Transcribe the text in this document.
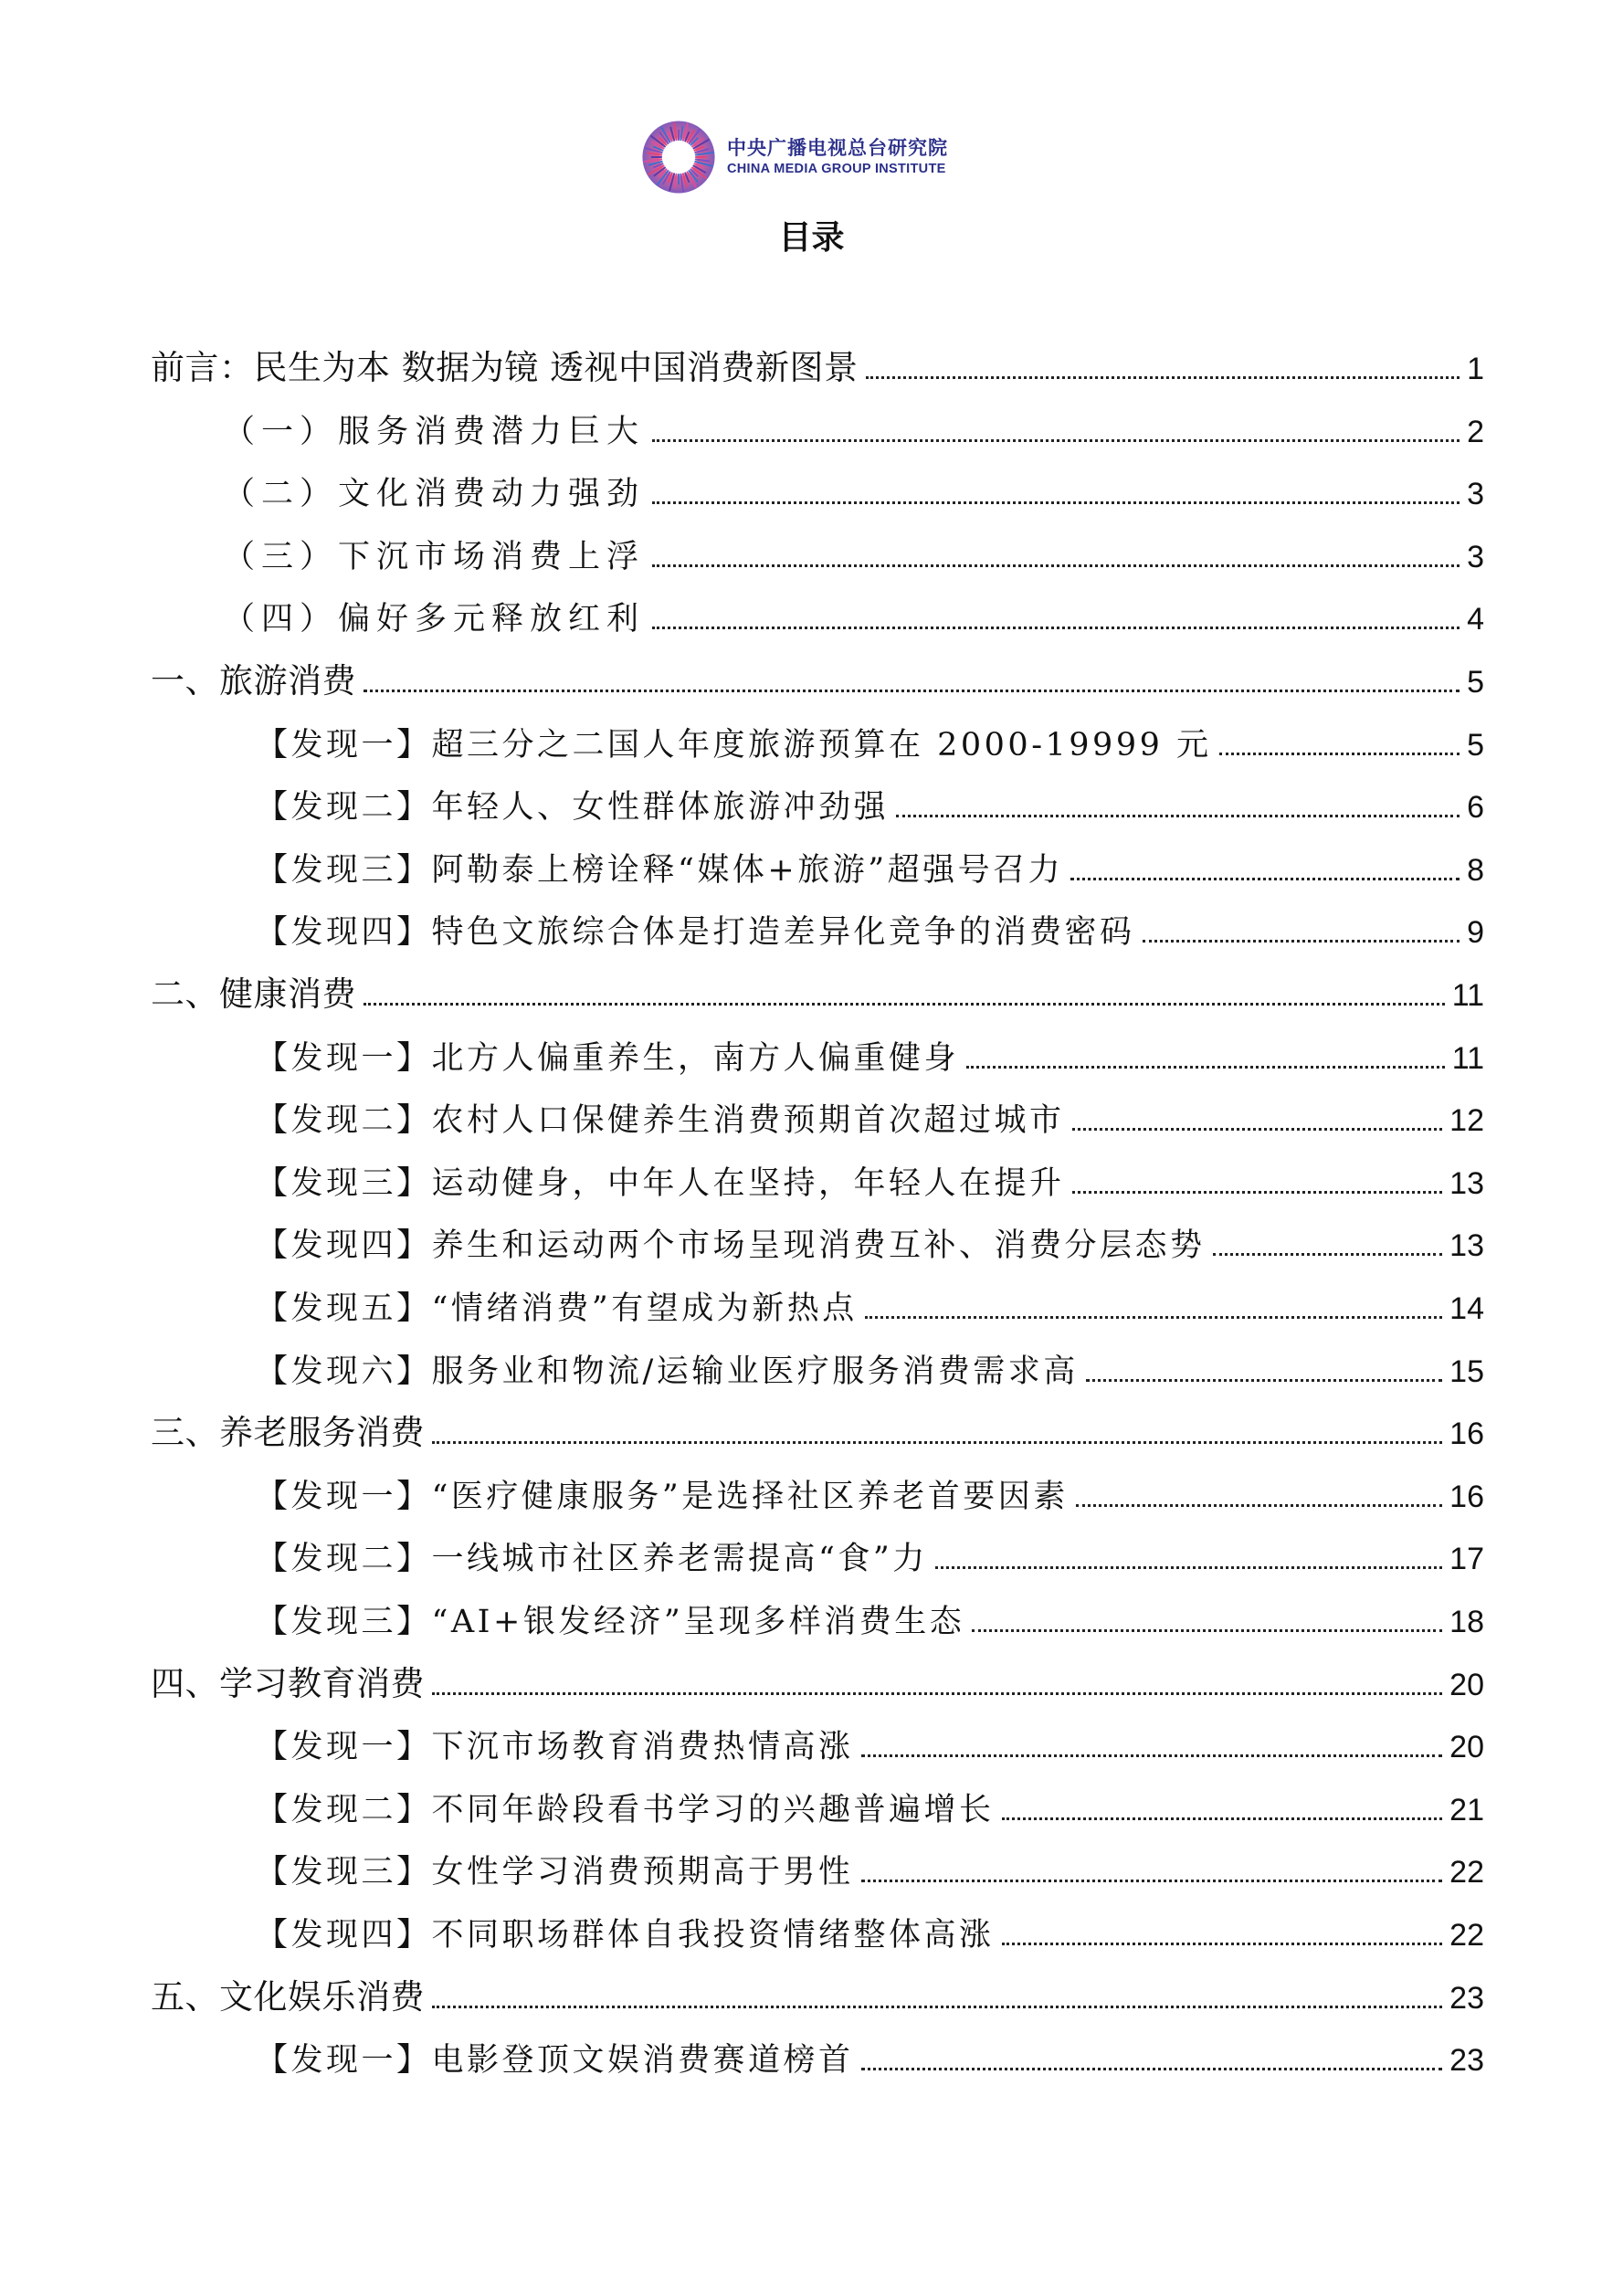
中央广播电视总台研究院
CHINA MEDIA GROUP INSTITUTE
目录
前言：民生为本 数据为镜 透视中国消费新图景	1
（一）服务消费潜力巨大	2
（二）文化消费动力强劲	3
（三）下沉市场消费上浮	3
（四）偏好多元释放红利	4
一、旅游消费	5
【发现一】超三分之二国人年度旅游预算在 2000-19999 元	5
【发现二】年轻人、女性群体旅游冲劲强	6
【发现三】阿勒泰上榜诠释“媒体+旅游”超强号召力	8
【发现四】特色文旅综合体是打造差异化竞争的消费密码	9
二、健康消费	11
【发现一】北方人偏重养生，南方人偏重健身	11
【发现二】农村人口保健养生消费预期首次超过城市	12
【发现三】运动健身，中年人在坚持，年轻人在提升	13
【发现四】养生和运动两个市场呈现消费互补、消费分层态势	13
【发现五】“情绪消费”有望成为新热点	14
【发现六】服务业和物流/运输业医疗服务消费需求高	15
三、养老服务消费	16
【发现一】“医疗健康服务”是选择社区养老首要因素	16
【发现二】一线城市社区养老需提高“食”力	17
【发现三】“AI+银发经济”呈现多样消费生态	18
四、学习教育消费	20
【发现一】下沉市场教育消费热情高涨	20
【发现二】不同年龄段看书学习的兴趣普遍增长	21
【发现三】女性学习消费预期高于男性	22
【发现四】不同职场群体自我投资情绪整体高涨	22
五、文化娱乐消费	23
【发现一】电影登顶文娱消费赛道榜首	23
